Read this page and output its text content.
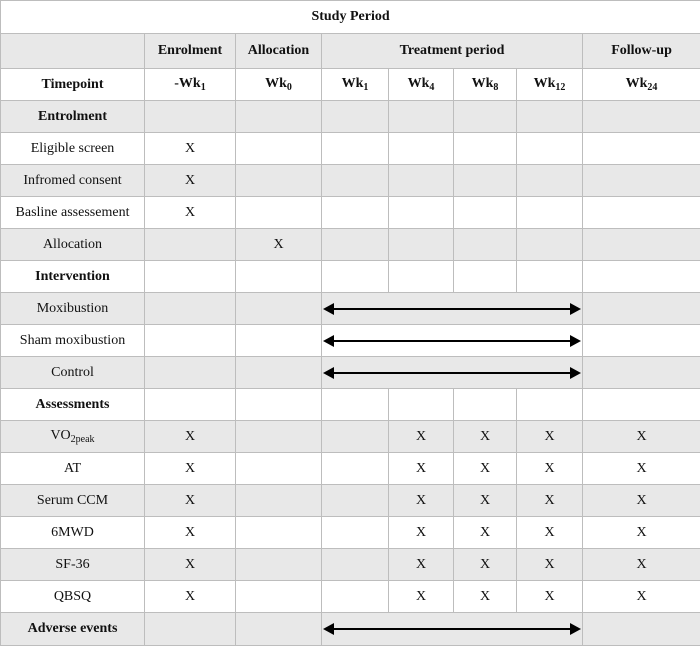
Study Period							
	Enrolment	Allocation	Treatment period				Follow-up
Timepoint	$-Wk_1$	$Wk_0$	$Wk_1$	$Wk_4$	$Wk_8$	$Wk_{12}$	$Wk_{24}$
Entrolment							
Eligible screen	X						
Infromed consent	X						
Basline assessement	X						
Allocation		X					
Intervention							
Moxibustion						

Sham moxibustion						

Control						

Assessments							
$VO_{2peak}$	X			X	X	X	X
AT	X			X	X	X	X
Serum CCM	X			X	X	X	X
6MWD	X			X	X	X	X
SF-36	X			X	X	X	X
QBSQ	X			X	X	X	X
Adverse events						
